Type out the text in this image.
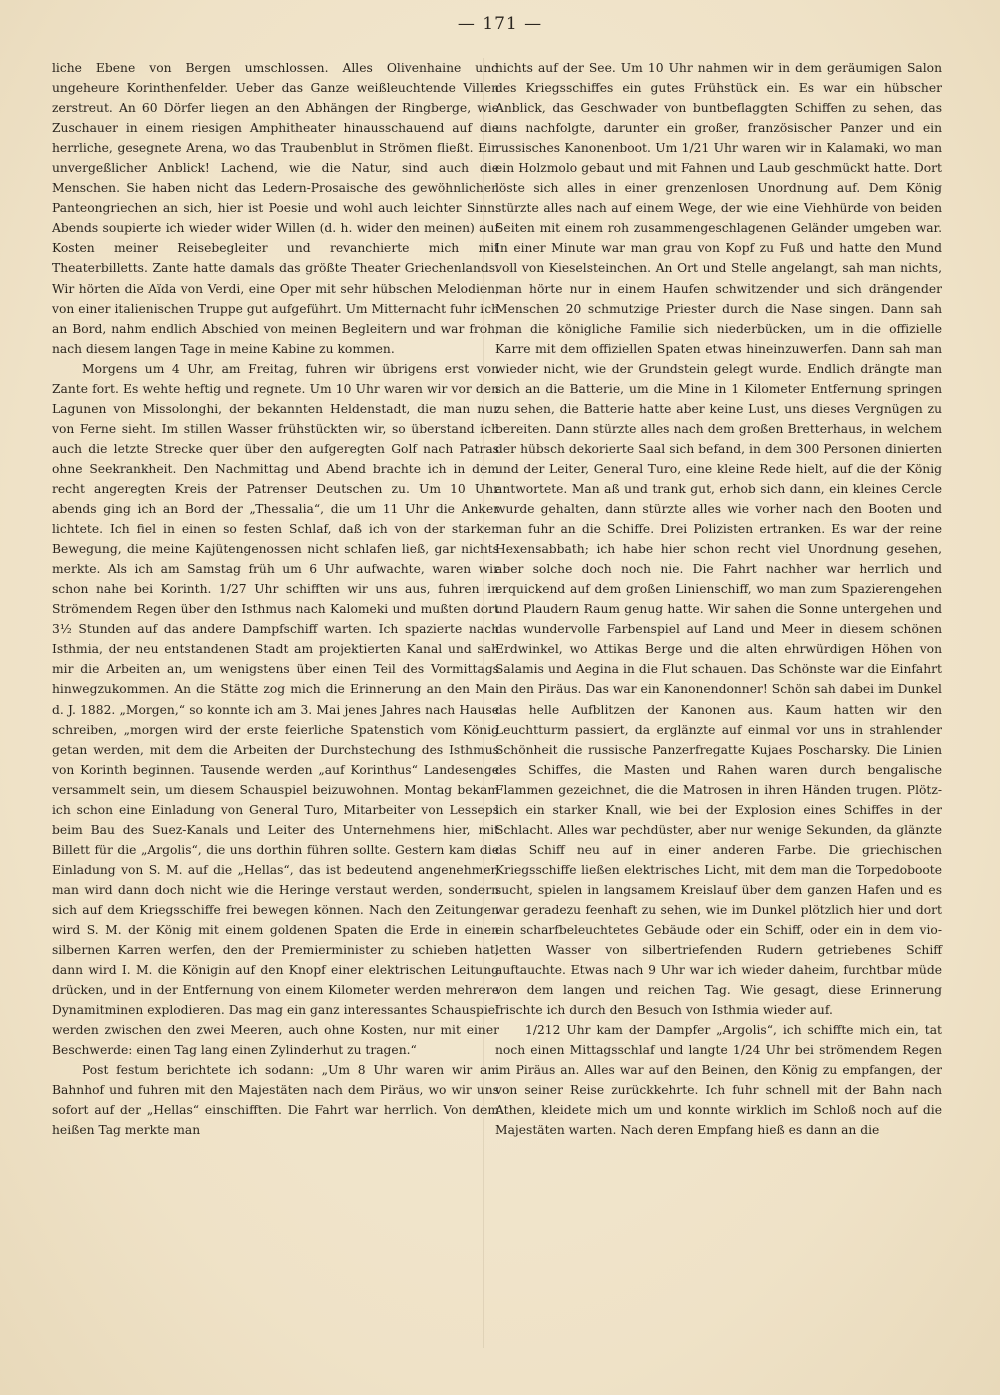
— 171 —

liche Ebene von Bergen umschlossen. Alles Olivenhaine und ungeheure Korinthenfelder. Ueber das Ganze weißleuchtende Villen zerstreut. An 60 Dörfer liegen an den Abhängen der Ringberge, wie Zuschauer in einem riesigen Amphitheater hinausschauend auf die herrliche, gesegnete Arena, wo das Traubenblut in Strömen fließt. Ein unvergeßlicher Anblick! Lachend, wie die Natur, sind auch die Menschen. Sie haben nicht das Ledern-Prosaische des gewöhnlichen Panteongriechen an sich, hier ist Poesie und wohl auch leichter Sinn. Abends soupierte ich wieder wider Willen (d. h. wider den meinen) auf Kosten meiner Reisebegleiter und revanchierte mich mit Theaterbilletts. Zante hatte damals das größte Theater Griechenlands. Wir hörten die Aïda von Verdi, eine Oper mit sehr hübschen Melodien, von einer italienischen Truppe gut aufgeführt. Um Mitternacht fuhr ich an Bord, nahm endlich Abschied von meinen Begleitern und war froh, nach diesem langen Tage in meine Kabine zu kommen.

Morgens um 4 Uhr, am Freitag, fuhren wir übrigens erst von Zante fort. Es wehte heftig und regnete. Um 10 Uhr waren wir vor den Lagunen von Missolonghi, der bekannten Heldenstadt, die man nur von Ferne sieht. Im stillen Wasser frühstückten wir, so überstand ich auch die letzte Strecke quer über den aufgeregten Golf nach Patras ohne Seekrankheit. Den Nachmittag und Abend brachte ich in dem recht angeregten Kreis der Patrenser Deutschen zu. Um 10 Uhr abends ging ich an Bord der „Thessalia“, die um 11 Uhr die Anker lichtete. Ich fiel in einen so festen Schlaf, daß ich von der starken Bewegung, die meine Kajütengenossen nicht schlafen ließ, gar nichts merkte. Als ich am Samstag früh um 6 Uhr aufwachte, waren wir schon nahe bei Korinth. 1/27 Uhr schifften wir uns aus, fuhren in Strömendem Regen über den Isthmus nach Kalomeki und mußten dort 3½ Stunden auf das andere Dampfschiff warten. Ich spazierte nach Isthmia, der neu entstandenen Stadt am projektierten Kanal und sah mir die Arbeiten an, um wenigstens über einen Teil des Vormittags hinwegzukommen. An die Stätte zog mich die Erinnerung an den Mai d. J. 1882. „Morgen,“ so konnte ich am 3. Mai jenes Jahres nach Hause schreiben, „morgen wird der erste feierliche Spatenstich vom König getan werden, mit dem die Arbeiten der Durchstechung des Isthmus von Korinth beginnen. Tausende werden „auf Korinthus“ Landesenge versammelt sein, um diesem Schauspiel beizuwohnen. Montag bekam ich schon eine Einladung von General Turo, Mitarbeiter von Lesseps beim Bau des Suez-Kanals und Leiter des Unternehmens hier, mit Billett für die „Argolis“, die uns dorthin führen sollte. Gestern kam die Einladung von S. M. auf die „Hellas“, das ist bedeutend angenehmer, man wird dann doch nicht wie die Heringe verstaut werden, sondern sich auf dem Kriegsschiffe frei bewegen können. Nach den Zeitungen wird S. M. der König mit einem goldenen Spaten die Erde in einen silbernen Karren werfen, den der Premierminister zu schieben hat; dann wird I. M. die Königin auf den Knopf einer elektrischen Leitung drücken, und in der Entfernung von einem Kilometer werden mehrere Dynamitminen explodieren. Das mag ein ganz interessantes Schauspiel werden zwischen den zwei Meeren, auch ohne Kosten, nur mit einer Beschwerde: einen Tag lang einen Zylinderhut zu tragen.“

Post festum berichtete ich sodann: „Um 8 Uhr waren wir am Bahnhof und fuhren mit den Majestäten nach dem Piräus, wo wir uns sofort auf der „Hellas“ einschifften. Die Fahrt war herrlich. Von dem heißen Tag merkte man

nichts auf der See. Um 10 Uhr nahmen wir in dem geräumigen Salon des Kriegsschiffes ein gutes Frühstück ein. Es war ein hübscher Anblick, das Geschwader von buntbeflaggten Schiffen zu sehen, das uns nachfolgte, darunter ein großer, französischer Panzer und ein russisches Kanonenboot. Um 1/21 Uhr waren wir in Kalamaki, wo man ein Holzmolo gebaut und mit Fahnen und Laub geschmückt hatte. Dort löste sich alles in einer grenzenlosen Unordnung auf. Dem König stürzte alles nach auf einem Wege, der wie eine Viehhürde von beiden Seiten mit einem roh zusammengeschlagenen Geländer umgeben war. In einer Minute war man grau von Kopf zu Fuß und hatte den Mund voll von Kieselsteinchen. An Ort und Stelle angelangt, sah man nichts, man hörte nur in einem Haufen schwitzender und sich drängender Menschen 20 schmutzige Priester durch die Nase singen. Dann sah man die königliche Familie sich niederbücken, um in die offizielle Karre mit dem offiziellen Spaten etwas hineinzuwerfen. Dann sah man wieder nicht, wie der Grundstein gelegt wurde. Endlich drängte man sich an die Batterie, um die Mine in 1 Kilometer Entfernung springen zu sehen, die Batterie hatte aber keine Lust, uns dieses Vergnügen zu bereiten. Dann stürzte alles nach dem großen Bretterhaus, in welchem der hübsch dekorierte Saal sich befand, in dem 300 Personen dinierten und der Leiter, General Turo, eine kleine Rede hielt, auf die der König antwortete. Man aß und trank gut, erhob sich dann, ein kleines Cercle wurde gehalten, dann stürzte alles wie vorher nach den Booten und man fuhr an die Schiffe. Drei Polizisten ertranken. Es war der reine Hexensabbath; ich habe hier schon recht viel Unordnung gesehen, aber solche doch noch nie. Die Fahrt nachher war herrlich und erquickend auf dem großen Linienschiff, wo man zum Spazierengehen und Plaudern Raum genug hatte. Wir sahen die Sonne untergehen und das wundervolle Farbenspiel auf Land und Meer in diesem schönen Erdwinkel, wo Attikas Berge und die alten ehrwürdigen Höhen von Salamis und Aegina in die Flut schauen. Das Schönste war die Einfahrt in den Piräus. Das war ein Kanonendonner! Schön sah dabei im Dunkel das helle Aufblitzen der Kanonen aus. Kaum hatten wir den Leuchtturm passiert, da erglänzte auf einmal vor uns in strahlender Schönheit die russische Panzerfregatte Kujaes Poscharsky. Die Linien des Schiffes, die Masten und Rahen waren durch bengalische Flammen gezeichnet, die die Matrosen in ihren Händen trugen. Plötzlich ein starker Knall, wie bei der Explosion eines Schiffes in der Schlacht. Alles war pechdüster, aber nur wenige Sekunden, da glänzte das Schiff neu auf in einer anderen Farbe. Die griechischen Kriegsschiffe ließen elektrisches Licht, mit dem man die Torpedoboote sucht, spielen in langsamem Kreislauf über dem ganzen Hafen und es war geradezu feenhaft zu sehen, wie im Dunkel plötzlich hier und dort ein scharfbeleuchtetes Gebäude oder ein Schiff, oder ein in dem violetten Wasser von silbertriefenden Rudern getriebenes Schiff auftauchte. Etwas nach 9 Uhr war ich wieder daheim, furchtbar müde von dem langen und reichen Tag. Wie gesagt, diese Erinnerung frischte ich durch den Besuch von Isthmia wieder auf.

1/212 Uhr kam der Dampfer „Argolis“, ich schiffte mich ein, tat noch einen Mittagsschlaf und langte 1/24 Uhr bei strömendem Regen im Piräus an. Alles war auf den Beinen, den König zu empfangen, der von seiner Reise zurückkehrte. Ich fuhr schnell mit der Bahn nach Athen, kleidete mich um und konnte wirklich im Schloß noch auf die Majestäten warten. Nach deren Empfang hieß es dann an die
